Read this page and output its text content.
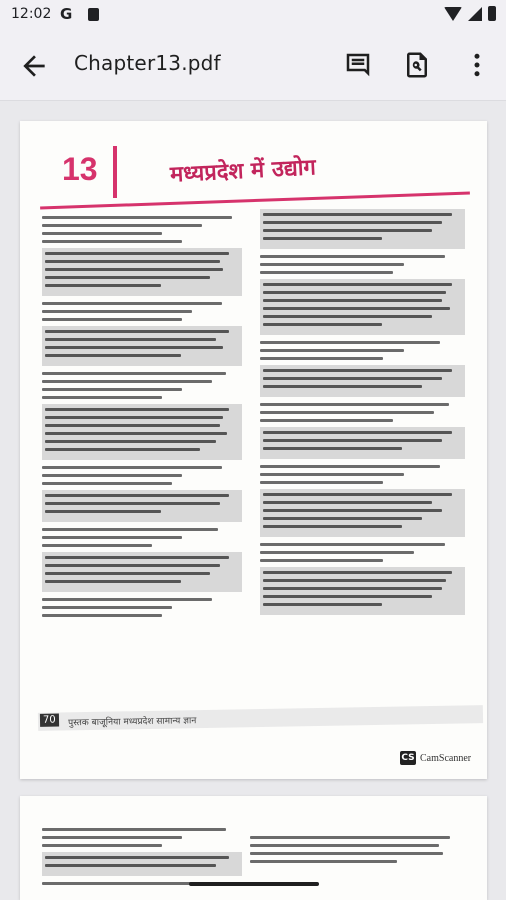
12:02 G
Chapter13.pdf
13	मध्यप्रदेश में उद्योग
70	पुस्तक बाजूनिया मध्यप्रदेश सामान्य ज्ञान
CS CamScanner
